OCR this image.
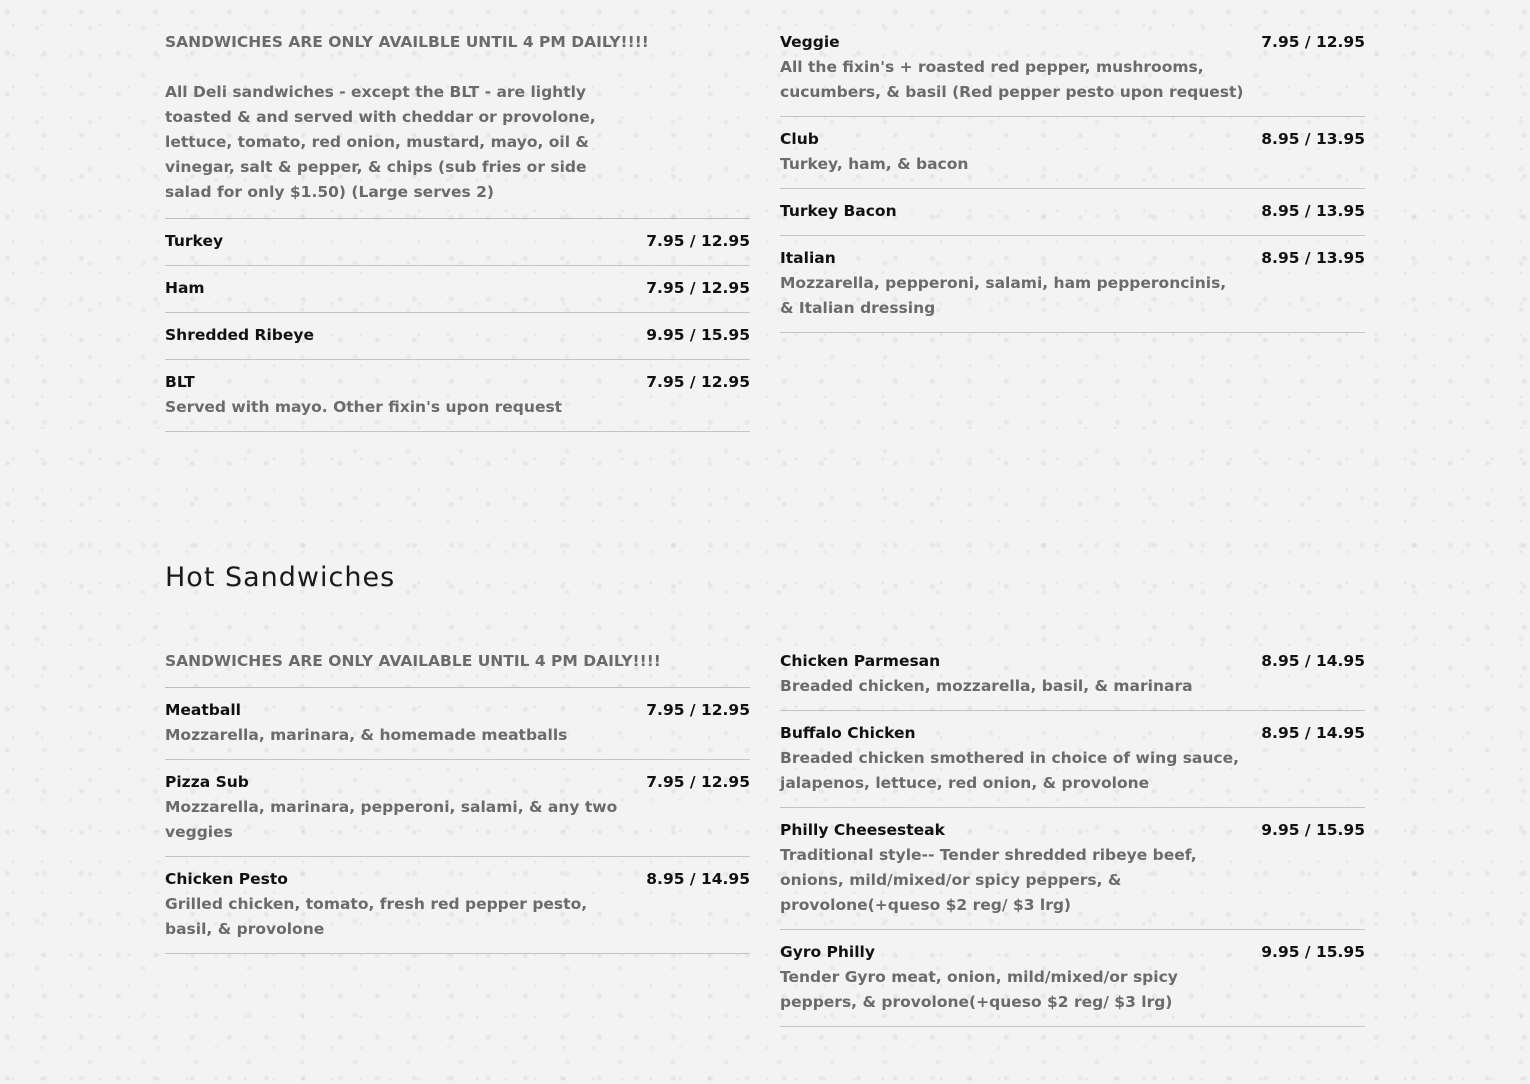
SANDWICHES ARE ONLY AVAILBLE UNTIL 4 PM DAILY!!!!

All Deli sandwiches - except the BLT - are lightly toasted & and served with cheddar or provolone, lettuce, tomato, red onion, mustard, mayo, oil & vinegar, salt & pepper, & chips (sub fries or side salad for only $1.50) (Large serves 2)

Turkey	7.95 / 12.95
Ham	7.95 / 12.95
Shredded Ribeye	9.95 / 15.95
BLT	7.95 / 12.95
Served with mayo. Other fixin's upon request
Veggie	7.95 / 12.95
All the fixin's + roasted red pepper, mushrooms, cucumbers, & basil (Red pepper pesto upon request)
Club	8.95 / 13.95
Turkey, ham, & bacon
Turkey Bacon	8.95 / 13.95
Italian	8.95 / 13.95
Mozzarella, pepperoni, salami, ham pepperoncinis, & Italian dressing
Hot Sandwiches

SANDWICHES ARE ONLY AVAILABLE UNTIL 4 PM DAILY!!!!

Meatball	7.95 / 12.95
Mozzarella, marinara, & homemade meatballs
Pizza Sub	7.95 / 12.95
Mozzarella, marinara, pepperoni, salami, & any two veggies
Chicken Pesto	8.95 / 14.95
Grilled chicken, tomato, fresh red pepper pesto, basil, & provolone
Chicken Parmesan	8.95 / 14.95
Breaded chicken, mozzarella, basil, & marinara
Buffalo Chicken	8.95 / 14.95
Breaded chicken smothered in choice of wing sauce, jalapenos, lettuce, red onion, & provolone
Philly Cheesesteak	9.95 / 15.95
Traditional style-- Tender shredded ribeye beef, onions, mild/mixed/or spicy peppers, & provolone(+queso $2 reg/ $3 lrg)
Gyro Philly	9.95 / 15.95
Tender Gyro meat, onion, mild/mixed/or spicy peppers, & provolone(+queso $2 reg/ $3 lrg)
